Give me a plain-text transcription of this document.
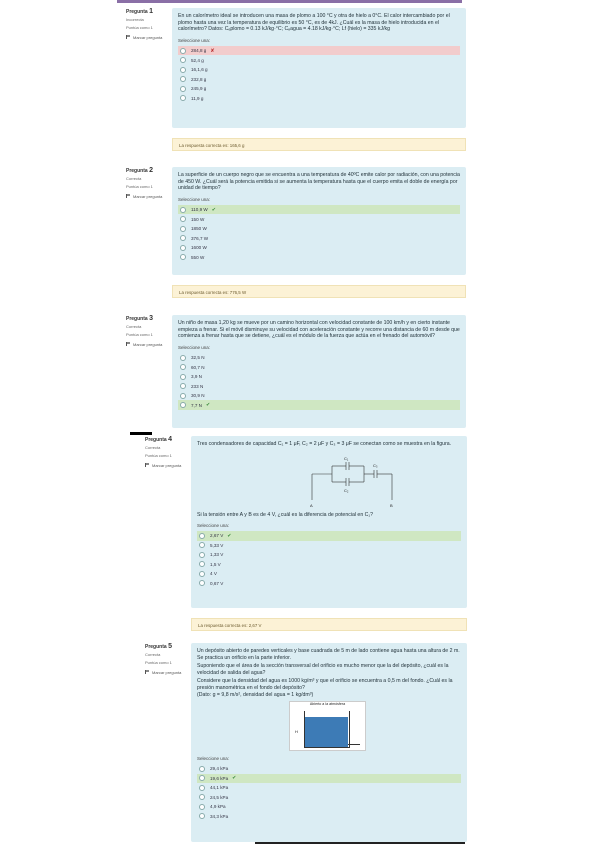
Pregunta 1
Incorrecta
Puntúa como 1
Marcar pregunta
En un calorímetro ideal se introducen una masa de plomo a 100 °C y otra de hielo a 0°C. El calor intercambiado por el plomo hasta una vez la temperatura de equilibrio es 50 °C, es de 4kJ. ¿Cuál es la masa de hielo introducida en el calorímetro? Datos: Cₑplomo = 0.13 kJ/kg·°C; Cₑagua = 4.18 kJ/kg·°C; Lf (hielo) = 335 kJ/kg
Seleccione una:
284,8 g ✘
52,4 g
16,1,6 g
232,8 g
245,9 g
11,9 g
La respuesta correcta es: 165,6 g
Pregunta 2
Correcta
Puntúa como 1
Marcar pregunta
La superficie de un cuerpo negro que se encuentra a una temperatura de 40ºC emite calor por radiación, con una potencia de 450 W. ¿Cuál será la potencia emitida si se aumenta la temperatura hasta que el cuerpo emita el doble de energía por unidad de tiempo?
Seleccione una:
110,9 W ✔
150 W
1850 W
376,7 W
1600 W
550 W
La respuesta correcta es: 776,5 W
Pregunta 3
Correcta
Puntúa como 1
Marcar pregunta
Un niño de masa 1,20 kg se mueve por un camino horizontal con velocidad constante de 100 km/h y en cierto instante empieza a frenar. Si el móvil disminuye su velocidad con aceleración constante y recorre una distancia de 60 m desde que comienza a frenar hasta que se detiene, ¿cuál es el módulo de la fuerza que actúa en el frenado del automóvil?
Seleccione una:
32,5 N
60,7 N
3,9 N
233 N
30,9 N
7,7 N ✔
Pregunta 4
Correcta
Puntúa como 1
Marcar pregunta
Tres condensadores de capacidad C₁ = 1 μF, C₂ = 2 μF y C₃ = 3 μF se conectan como se muestra en la figura.
C₁
C₂
C₃
A	B
Si la tensión entre A y B es de 4 V, ¿cuál es la diferencia de potencial en C₁?
Seleccione una:
2,67 V ✔
5,33 V
1,33 V
1,5 V
4 V
0,67 V
La respuesta correcta es: 2,67 V
Pregunta 5
Correcta
Puntúa como 1
Marcar pregunta
Un depósito abierto de paredes verticales y base cuadrada de 5 m de lado contiene agua hasta una altura de 2 m. Se practica un orificio en la parte inferior.
Suponiendo que el área de la sección transversal del orificio es mucho menor que la del depósito, ¿cuál es la velocidad de salida del agua?
Considere que la densidad del agua es 1000 kg/m³ y que el orificio se encuentra a 0,5 m del fondo. ¿Cuál es la presión manométrica en el fondo del depósito?
(Dato: g = 9,8 m/s², densidad del agua = 1 kg/dm³)
Abierto a la atmósfera
H
Seleccione una:
29,4 kPa
19,6 kPa ✔
44,1 kPa
24,5 kPa
4,9 kPa
34,3 kPa
